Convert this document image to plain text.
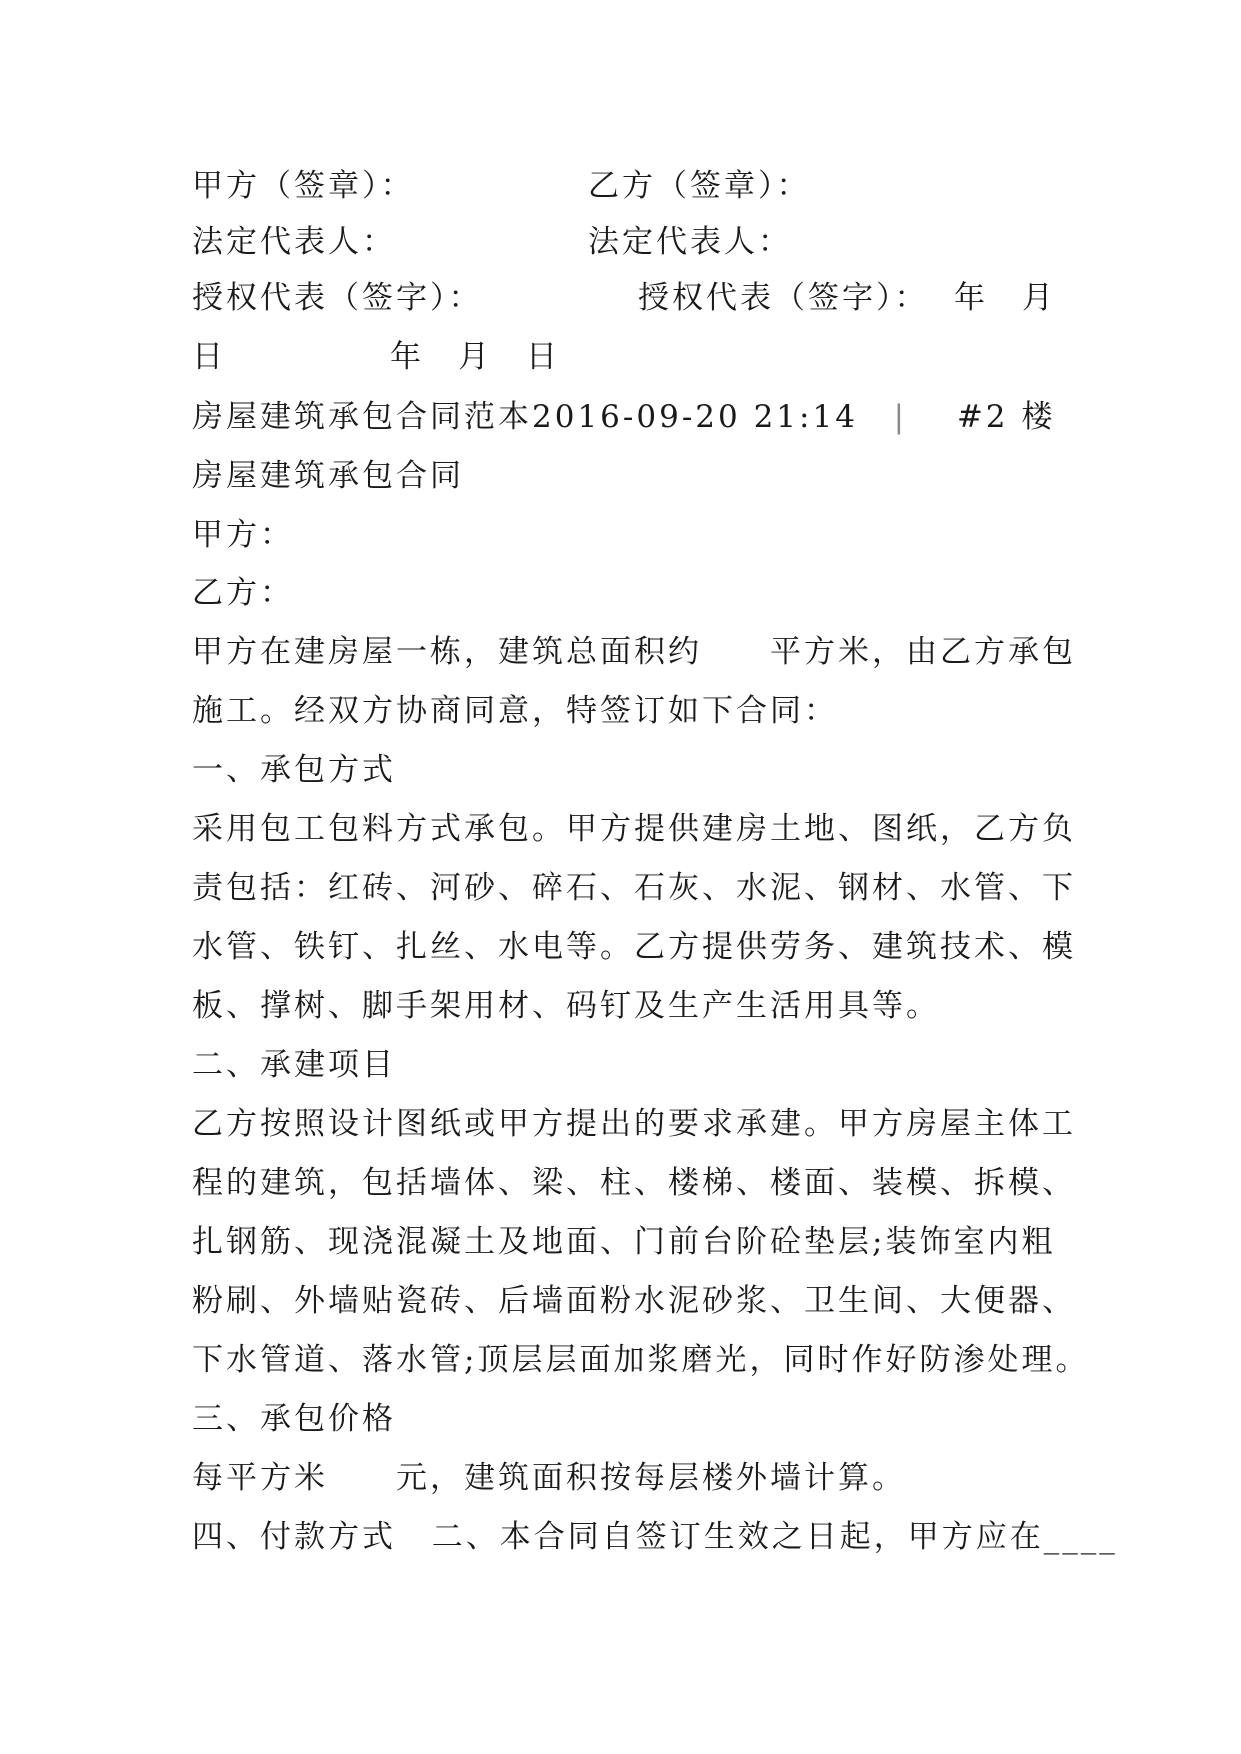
甲方（签章）：	乙方（签章）：
法定代表人：	法定代表人：
授权代表（签字）：	授权代表（签字）： 年　月
日	年　月　日
房屋建筑承包合同范本2016-09-20 21:14 | #2 楼
房屋建筑承包合同
甲方：
乙方：
甲方在建房屋一栋，建筑总面积约　　平方米，由乙方承包
施工。经双方协商同意，特签订如下合同：
一、承包方式
采用包工包料方式承包。甲方提供建房土地、图纸，乙方负
责包括：红砖、河砂、碎石、石灰、水泥、钢材、水管、下
水管、铁钉、扎丝、水电等。乙方提供劳务、建筑技术、模
板、撑树、脚手架用材、码钉及生产生活用具等。
二、承建项目
乙方按照设计图纸或甲方提出的要求承建。甲方房屋主体工
程的建筑，包括墙体、梁、柱、楼梯、楼面、装模、拆模、
扎钢筋、现浇混凝土及地面、门前台阶砼垫层;装饰室内粗
粉刷、外墙贴瓷砖、后墙面粉水泥砂浆、卫生间、大便器、
下水管道、落水管;顶层层面加浆磨光，同时作好防渗处理。
三、承包价格
每平方米　　元，建筑面积按每层楼外墙计算。
四、付款方式 二、本合同自签订生效之日起，甲方应在____
